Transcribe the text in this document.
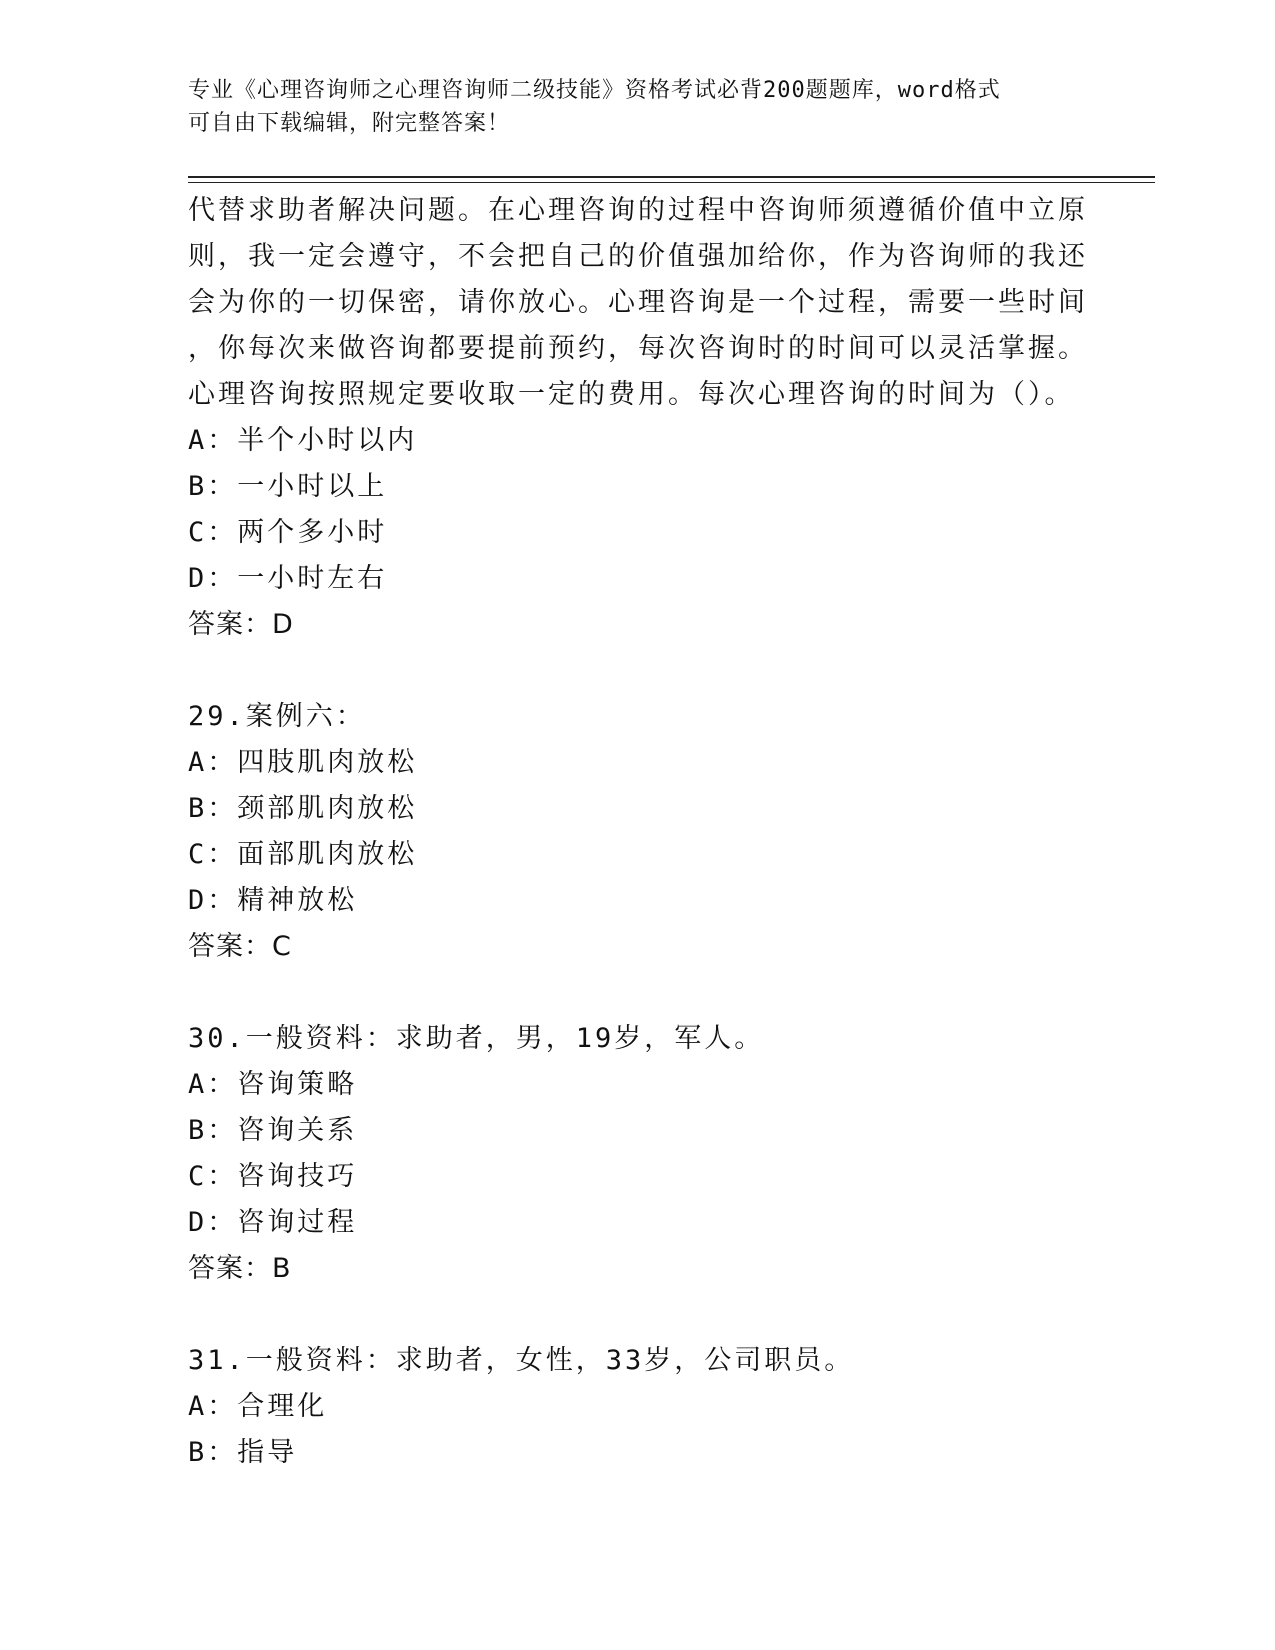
专业《心理咨询师之心理咨询师二级技能》资格考试必背200题题库，word格式
可自由下载编辑，附完整答案！
代替求助者解决问题。在心理咨询的过程中咨询师须遵循价值中立原
则，我一定会遵守，不会把自己的价值强加给你，作为咨询师的我还
会为你的一切保密，请你放心。心理咨询是一个过程，需要一些时间
，你每次来做咨询都要提前预约，每次咨询时的时间可以灵活掌握。
心理咨询按照规定要收取一定的费用。每次心理咨询的时间为（）。
A：半个小时以内
B：一小时以上
C：两个多小时
D：一小时左右
答案：D
29.案例六：
A：四肢肌肉放松
B：颈部肌肉放松
C：面部肌肉放松
D：精神放松
答案：C
30.一般资料：求助者，男，19岁，军人。
A：咨询策略
B：咨询关系
C：咨询技巧
D：咨询过程
答案：B
31.一般资料：求助者，女性，33岁，公司职员。
A：合理化
B：指导
